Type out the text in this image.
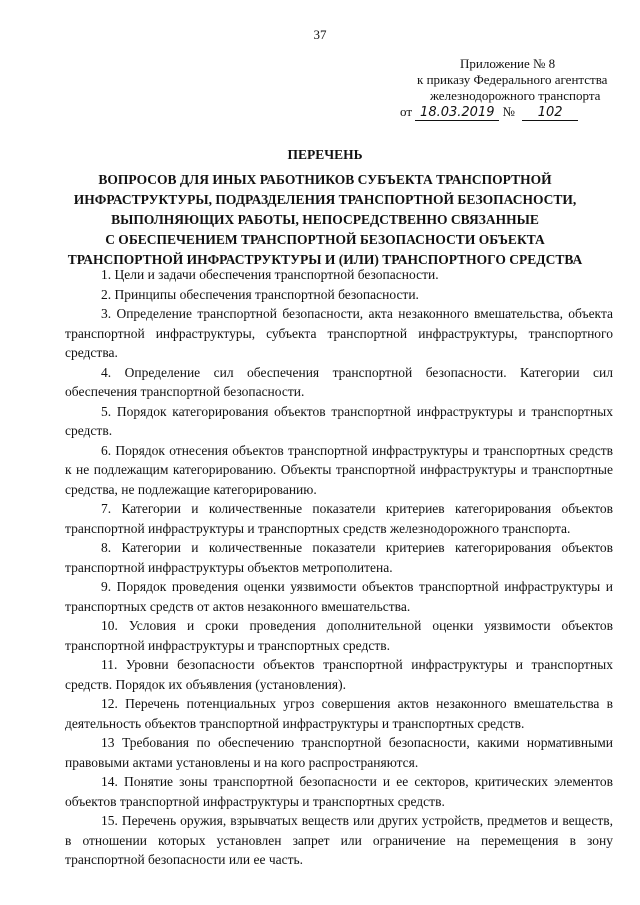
37
Приложение № 8
к приказу Федерального агентства
железнодорожного транспорта
от 18.03.2019 № 102
ПЕРЕЧЕНЬ
ВОПРОСОВ ДЛЯ ИНЫХ РАБОТНИКОВ СУБЪЕКТА ТРАНСПОРТНОЙ
ИНФРАСТРУКТУРЫ, ПОДРАЗДЕЛЕНИЯ ТРАНСПОРТНОЙ БЕЗОПАСНОСТИ,
ВЫПОЛНЯЮЩИХ РАБОТЫ, НЕПОСРЕДСТВЕННО СВЯЗАННЫЕ
С ОБЕСПЕЧЕНИЕМ ТРАНСПОРТНОЙ БЕЗОПАСНОСТИ ОБЪЕКТА
ТРАНСПОРТНОЙ ИНФРАСТРУКТУРЫ И (ИЛИ) ТРАНСПОРТНОГО СРЕДСТВА

1. Цели и задачи обеспечения транспортной безопасности.

2. Принципы обеспечения транспортной безопасности.

3. Определение транспортной безопасности, акта незаконного вмешательства, объекта транспортной инфраструктуры, субъекта транспортной инфраструктуры, транспортного средства.

4. Определение сил обеспечения транспортной безопасности. Категории сил обеспечения транспортной безопасности.

5. Порядок категорирования объектов транспортной инфраструктуры и транспортных средств.

6. Порядок отнесения объектов транспортной инфраструктуры и транспортных средств к не подлежащим категорированию. Объекты транспортной инфраструктуры и транспортные средства, не подлежащие категорированию.

7. Категории и количественные показатели критериев категорирования объектов транспортной инфраструктуры и транспортных средств железнодорожного транспорта.

8. Категории и количественные показатели критериев категорирования объектов транспортной инфраструктуры объектов метрополитена.

9. Порядок проведения оценки уязвимости объектов транспортной инфраструктуры и транспортных средств от актов незаконного вмешательства.

10. Условия и сроки проведения дополнительной оценки уязвимости объектов транспортной инфраструктуры и транспортных средств.

11. Уровни безопасности объектов транспортной инфраструктуры и транспортных средств. Порядок их объявления (установления).

12. Перечень потенциальных угроз совершения актов незаконного вмешательства в деятельность объектов транспортной инфраструктуры и транспортных средств.

13 Требования по обеспечению транспортной безопасности, какими нормативными правовыми актами установлены и на кого распространяются.

14. Понятие зоны транспортной безопасности и ее секторов, критических элементов объектов транспортной инфраструктуры и транспортных средств.

15. Перечень оружия, взрывчатых веществ или других устройств, предметов и веществ, в отношении которых установлен запрет или ограничение на перемещения в зону транспортной безопасности или ее часть.
